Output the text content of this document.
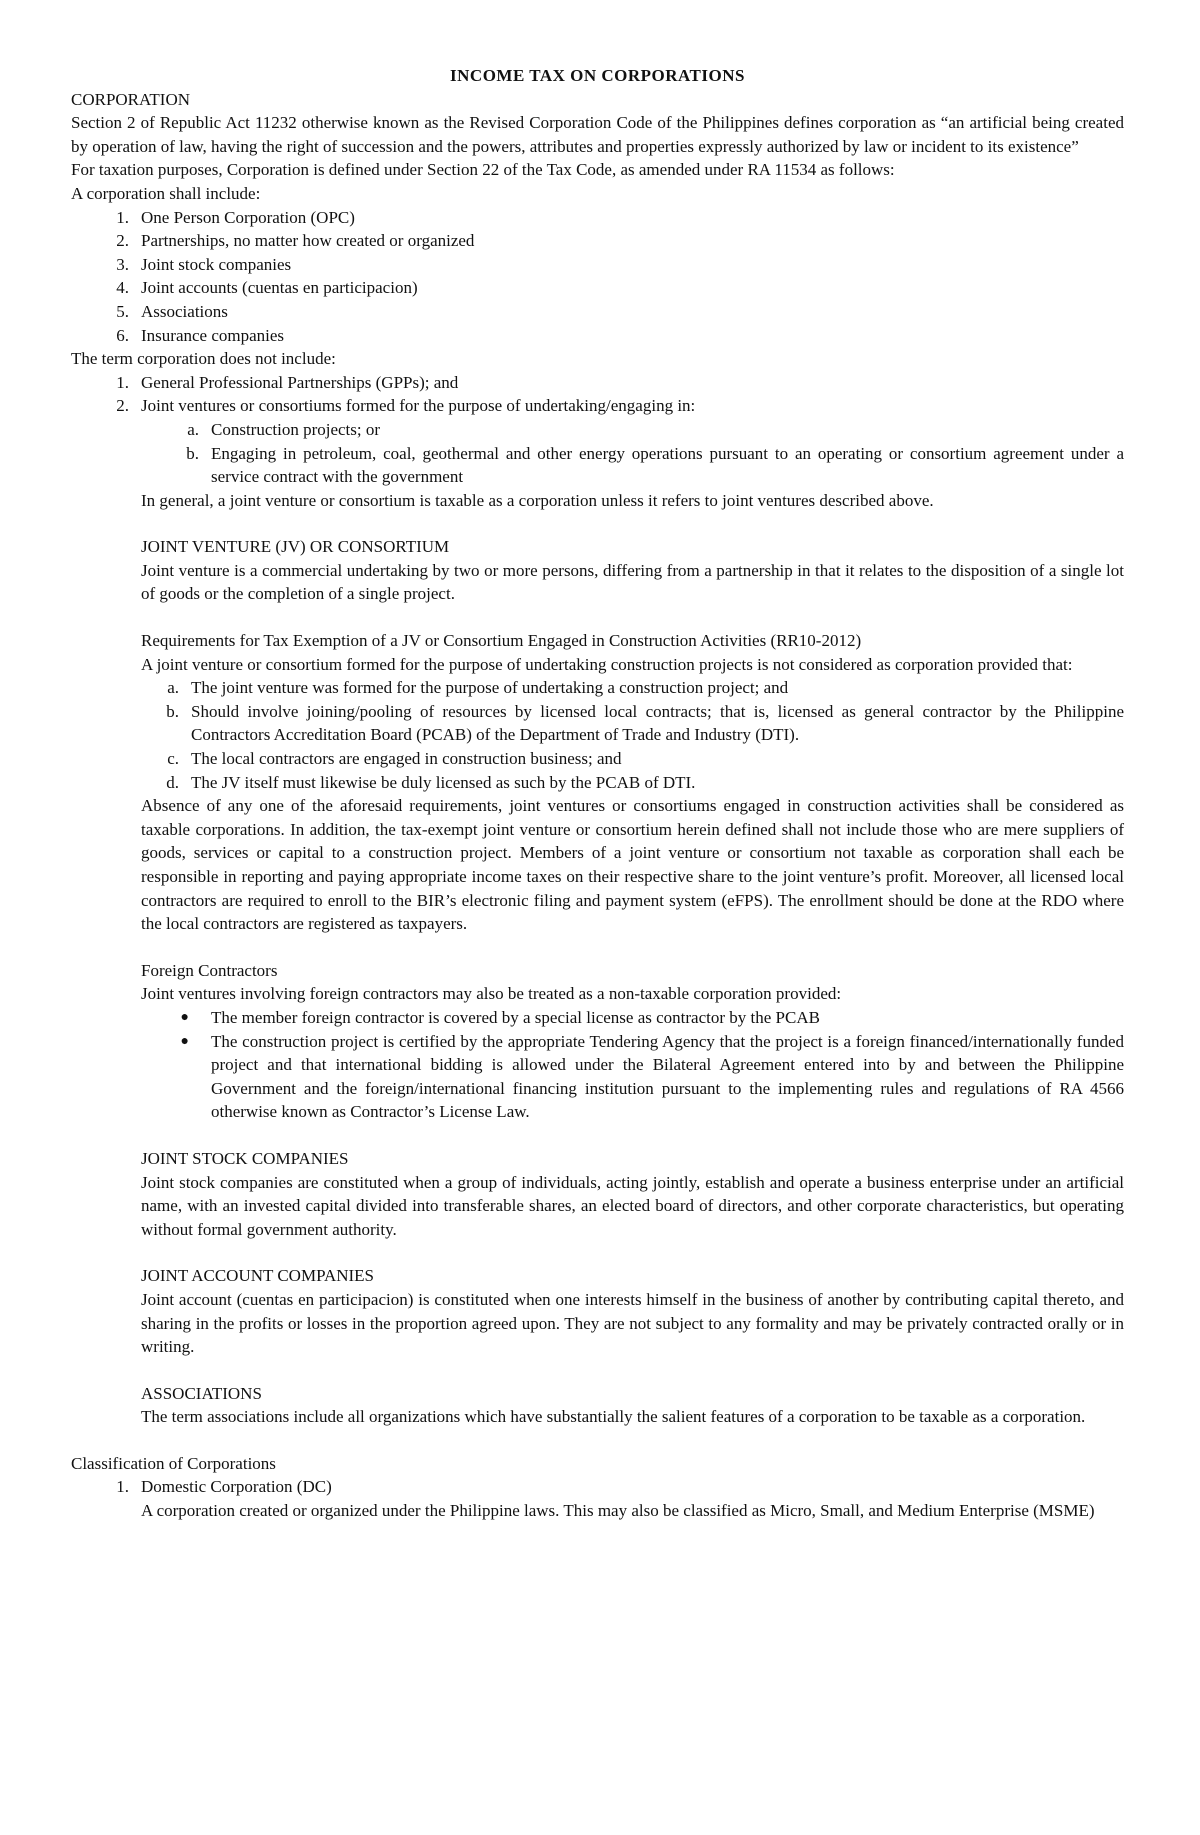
INCOME TAX ON CORPORATIONS
CORPORATION

Section 2 of Republic Act 11232 otherwise known as the Revised Corporation Code of the Philippines defines corporation as “an artificial being created by operation of law, having the right of succession and the powers, attributes and properties expressly authorized by law or incident to its existence”

For taxation purposes, Corporation is defined under Section 22 of the Tax Code, as amended under RA 11534 as follows:

A corporation shall include:

1. One Person Corporation (OPC)
2. Partnerships, no matter how created or organized
3. Joint stock companies
4. Joint accounts (cuentas en participacion)
5. Associations
6. Insurance companies

The term corporation does not include:

1. General Professional Partnerships (GPPs); and
2. Joint ventures or consortiums formed for the purpose of undertaking/engaging in:
a. Construction projects; or
b. Engaging in petroleum, coal, geothermal and other energy operations pursuant to an operating or consortium agreement under a service contract with the government

In general, a joint venture or consortium is taxable as a corporation unless it refers to joint ventures described above.

JOINT VENTURE (JV) OR CONSORTIUM

Joint venture is a commercial undertaking by two or more persons, differing from a partnership in that it relates to the disposition of a single lot of goods or the completion of a single project.

Requirements for Tax Exemption of a JV or Consortium Engaged in Construction Activities (RR10-2012)

A joint venture or consortium formed for the purpose of undertaking construction projects is not considered as corporation provided that:

a. The joint venture was formed for the purpose of undertaking a construction project; and
b. Should involve joining/pooling of resources by licensed local contracts; that is, licensed as general contractor by the Philippine Contractors Accreditation Board (PCAB) of the Department of Trade and Industry (DTI).
c. The local contractors are engaged in construction business; and
d. The JV itself must likewise be duly licensed as such by the PCAB of DTI.

Absence of any one of the aforesaid requirements, joint ventures or consortiums engaged in construction activities shall be considered as taxable corporations. In addition, the tax-exempt joint venture or consortium herein defined shall not include those who are mere suppliers of goods, services or capital to a construction project. Members of a joint venture or consortium not taxable as corporation shall each be responsible in reporting and paying appropriate income taxes on their respective share to the joint venture’s profit. Moreover, all licensed local contractors are required to enroll to the BIR’s electronic filing and payment system (eFPS). The enrollment should be done at the RDO where the local contractors are registered as taxpayers.

Foreign Contractors

Joint ventures involving foreign contractors may also be treated as a non-taxable corporation provided:

●	The member foreign contractor is covered by a special license as contractor by the PCAB
●	The construction project is certified by the appropriate Tendering Agency that the project is a foreign financed/internationally funded project and that international bidding is allowed under the Bilateral Agreement entered into by and between the Philippine Government and the foreign/international financing institution pursuant to the implementing rules and regulations of RA 4566 otherwise known as Contractor’s License Law.
JOINT STOCK COMPANIES

Joint stock companies are constituted when a group of individuals, acting jointly, establish and operate a business enterprise under an artificial name, with an invested capital divided into transferable shares, an elected board of directors, and other corporate characteristics, but operating without formal government authority.

JOINT ACCOUNT COMPANIES

Joint account (cuentas en participacion) is constituted when one interests himself in the business of another by contributing capital thereto, and sharing in the profits or losses in the proportion agreed upon. They are not subject to any formality and may be privately contracted orally or in writing.

ASSOCIATIONS

The term associations include all organizations which have substantially the salient features of a corporation to be taxable as a corporation.

Classification of Corporations
1. Domestic Corporation (DC)

A corporation created or organized under the Philippine laws. This may also be classified as Micro, Small, and Medium Enterprise (MSME)
